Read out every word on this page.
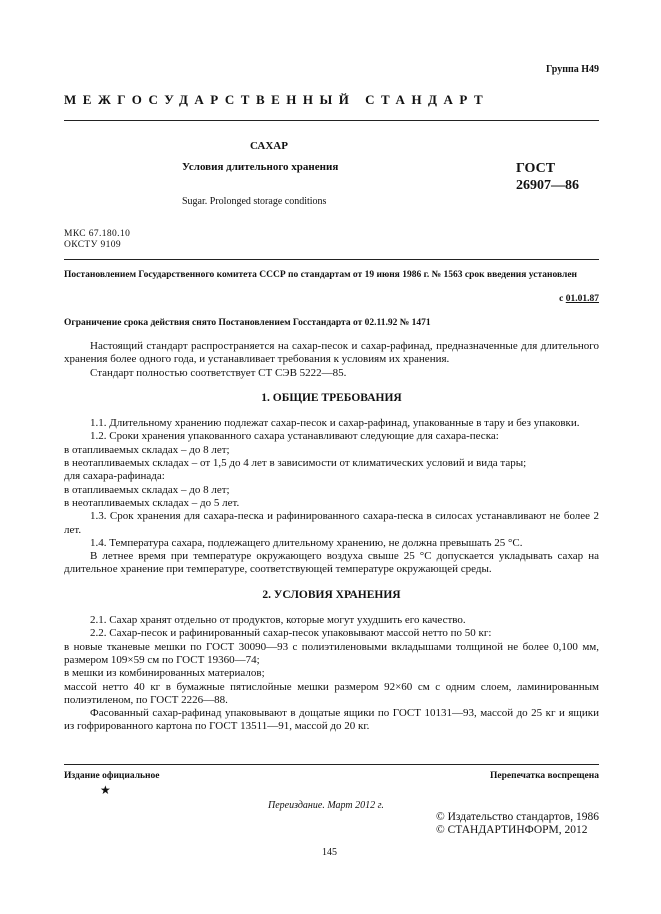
Группа Н49
МЕЖГОСУДАРСТВЕННЫЙ СТАНДАРТ
САХАР
Условия длительного хранения	ГОСТ
26907—86
Sugar. Prolonged storage conditions
МКС 67.180.10
ОКСТУ 9109
Постановлением Государственного комитета СССР по стандартам от 19 июня 1986 г. № 1563 срок введения установлен
с 01.01.87
Ограничение срока действия снято Постановлением Госстандарта от 02.11.92 № 1471

Настоящий стандарт распространяется на сахар-песок и сахар-рафинад, предназначенные для длительного хранения более одного года, и устанавливает требования к условиям их хранения.

Стандарт полностью соответствует СТ СЭВ 5222—85.

1. ОБЩИЕ ТРЕБОВАНИЯ

1.1. Длительному хранению подлежат сахар-песок и сахар-рафинад, упакованные в тару и без упаковки.

1.2. Сроки хранения упакованного сахара устанавливают следующие для сахара-песка:

в отапливаемых складах – до 8 лет;

в неотапливаемых складах – от 1,5 до 4 лет в зависимости от климатических условий и вида тары;

для сахара-рафинада:

в отапливаемых складах – до 8 лет;

в неотапливаемых складах – до 5 лет.

1.3. Срок хранения для сахара-песка и рафинированного сахара-песка в силосах устанавливают не более 2 лет.

1.4. Температура сахара, подлежащего длительному хранению, не должна превышать 25 °С.

В летнее время при температуре окружающего воздуха свыше 25 °С допускается укладывать сахар на длительное хранение при температуре, соответствующей температуре окружающей среды.

2. УСЛОВИЯ ХРАНЕНИЯ

2.1. Сахар хранят отдельно от продуктов, которые могут ухудшить его качество.

2.2. Сахар-песок и рафинированный сахар-песок упаковывают массой нетто по 50 кг:

в новые тканевые мешки по ГОСТ 30090—93 с полиэтиленовыми вкладышами толщиной не более 0,100 мм, размером 109×59 см по ГОСТ 19360—74;

в мешки из комбинированных материалов;

массой нетто 40 кг в бумажные пятислойные мешки размером 92×60 см с одним слоем, ламинированным полиэтиленом, по ГОСТ 2226—88.

Фасованный сахар-рафинад упаковывают в дощатые ящики по ГОСТ 10131—93, массой до 25 кг и ящики из гофрированного картона по ГОСТ 13511—91, массой до 20 кг.

Издание официальное	Перепечатка воспрещена
★
Переиздание. Март 2012 г.
© Издательство стандартов, 1986
© СТАНДАРТИНФОРМ, 2012
145
